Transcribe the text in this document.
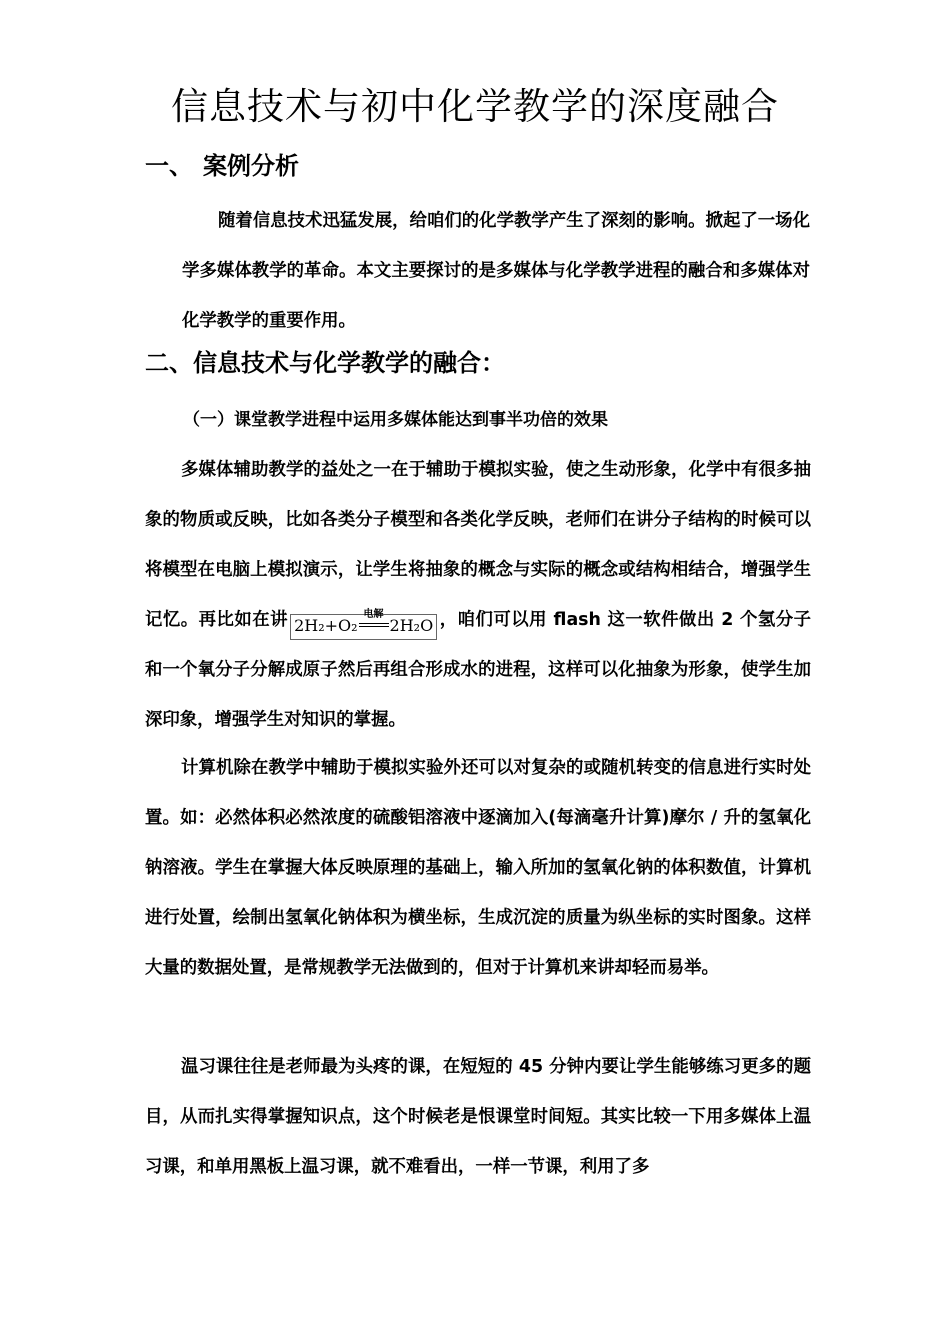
信息技术与初中化学教学的深度融合
一、 案例分析

随着信息技术迅猛发展，给咱们的化学教学产生了深刻的影响。掀起了一场化学多媒体教学的革命。本文主要探讨的是多媒体与化学教学进程的融合和多媒体对化学教学的重要作用。

二、信息技术与化学教学的融合：
（一）课堂教学进程中运用多媒体能达到事半功倍的效果

多媒体辅助教学的益处之一在于辅助于模拟实验，使之生动形象，化学中有很多抽象的物质或反映，比如各类分子模型和各类化学反映，老师们在讲分子结构的时候可以将模型在电脑上模拟演示，让学生将抽象的概念与实际的概念或结构相结合，增强学生记忆。再比如在讲 2H₂+O₂
电解
2H₂O ，咱们可以用 flash 这一软件做出 2 个氢分子和一个氧分子分解成原子然后再组合形成水的进程，这样可以化抽象为形象，使学生加深印象，增强学生对知识的掌握。

计算机除在教学中辅助于模拟实验外还可以对复杂的或随机转变的信息进行实时处置。如：必然体积必然浓度的硫酸铝溶液中逐滴加入(每滴毫升计算)摩尔 / 升的氢氧化钠溶液。学生在掌握大体反映原理的基础上，输入所加的氢氧化钠的体积数值，计算机进行处置，绘制出氢氧化钠体积为横坐标，生成沉淀的质量为纵坐标的实时图象。这样大量的数据处置，是常规教学无法做到的，但对于计算机来讲却轻而易举。

温习课往往是老师最为头疼的课，在短短的 45 分钟内要让学生能够练习更多的题目，从而扎实得掌握知识点，这个时候老是恨课堂时间短。其实比较一下用多媒体上温习课，和单用黑板上温习课，就不难看出，一样一节课，利用了多
